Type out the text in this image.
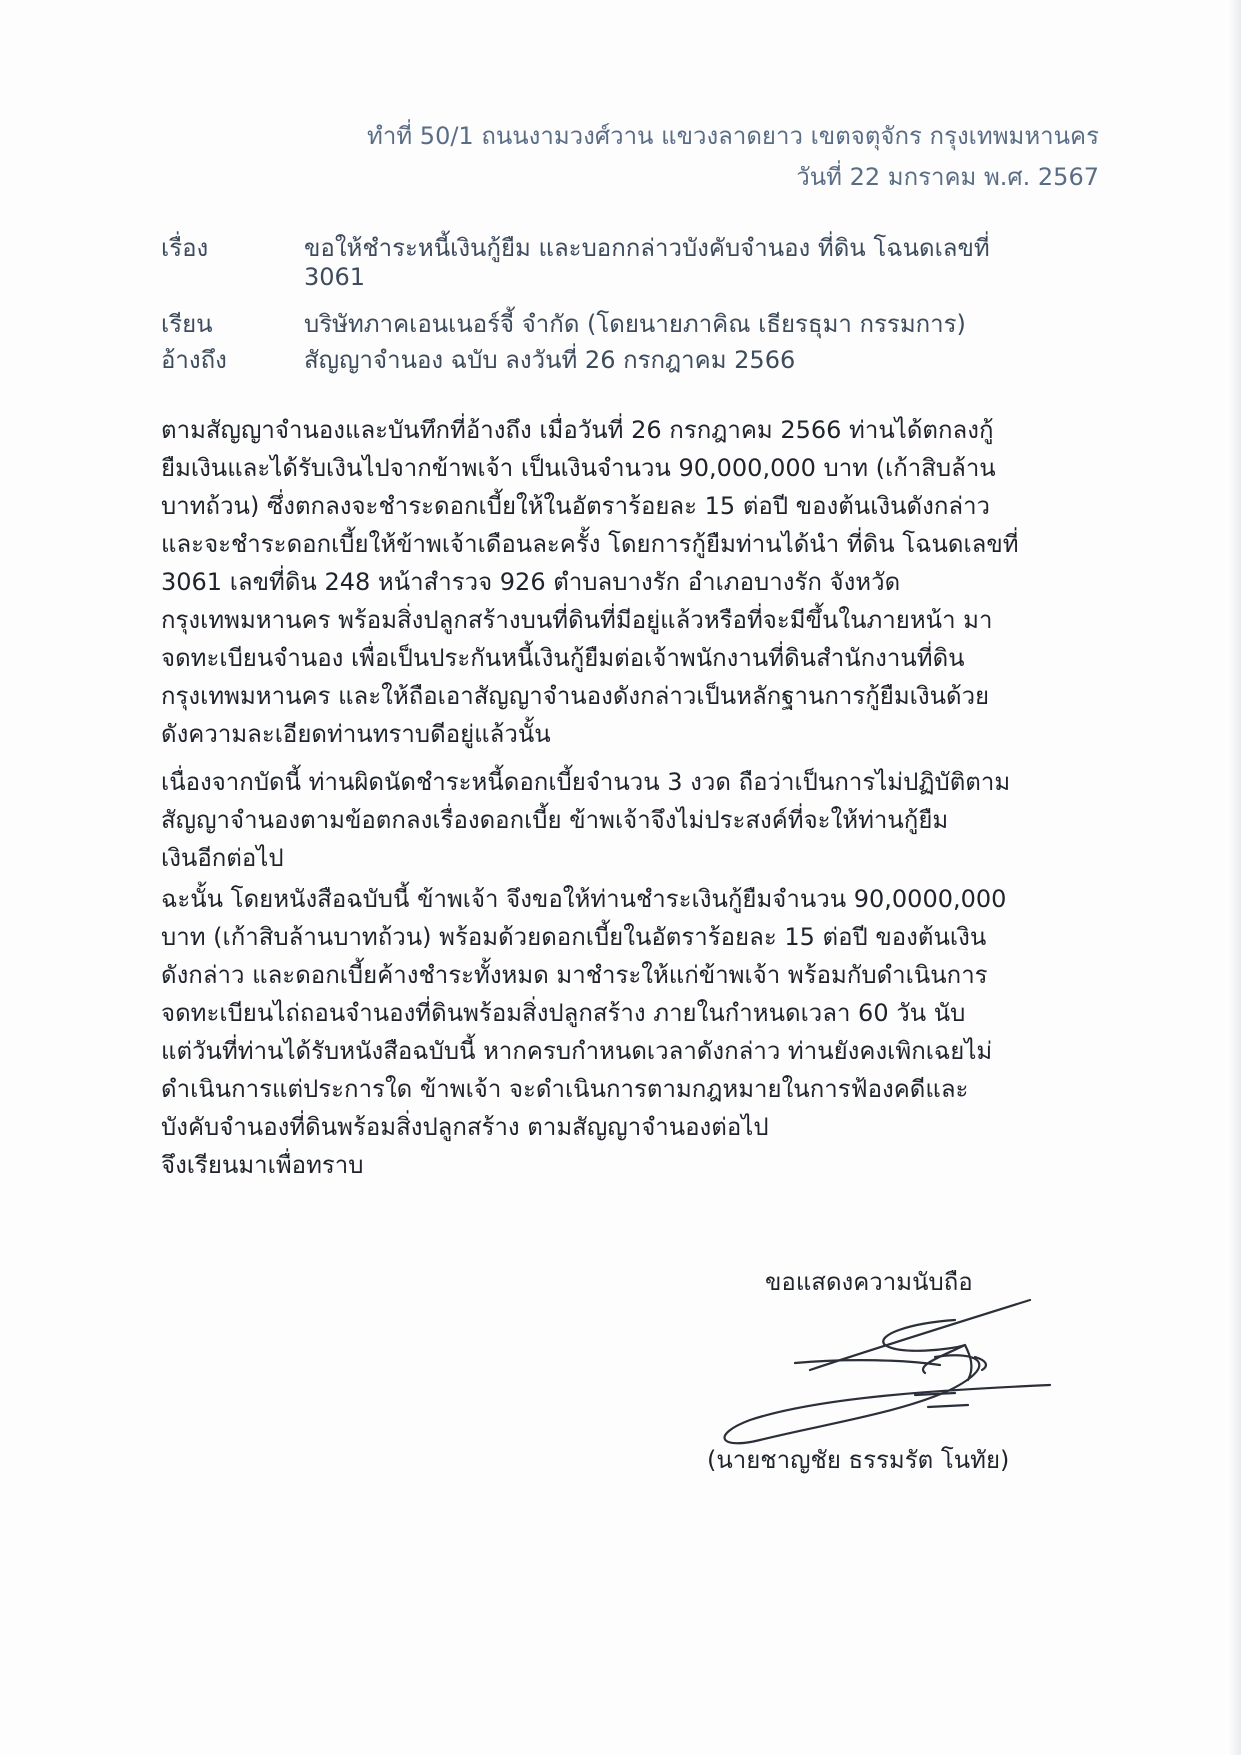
ทำที่ 50/1 ถนนงามวงศ์วาน แขวงลาดยาว เขตจตุจักร กรุงเทพมหานคร
วันที่ 22 มกราคม พ.ศ. 2567
เรื่อง	ขอให้ชำระหนี้เงินกู้ยืม และบอกกล่าวบังคับจำนอง ที่ดิน โฉนดเลขที่
3061
เรียน	บริษัทภาคเอนเนอร์จี้ จำกัด (โดยนายภาคิณ เธียรธุมา กรรมการ)
อ้างถึง	สัญญาจำนอง ฉบับ ลงวันที่ 26 กรกฎาคม 2566
ตามสัญญาจำนองและบันทึกที่อ้างถึง เมื่อวันที่ 26 กรกฎาคม 2566 ท่านได้ตกลงกู้
ยืมเงินและได้รับเงินไปจากข้าพเจ้า เป็นเงินจำนวน 90,000,000 บาท (เก้าสิบล้าน
บาทถ้วน) ซึ่งตกลงจะชำระดอกเบี้ยให้ในอัตราร้อยละ 15 ต่อปี ของต้นเงินดังกล่าว
และจะชำระดอกเบี้ยให้ข้าพเจ้าเดือนละครั้ง โดยการกู้ยืมท่านได้นำ ที่ดิน โฉนดเลขที่
3061 เลขที่ดิน 248 หน้าสำรวจ 926 ตำบลบางรัก อำเภอบางรัก จังหวัด
กรุงเทพมหานคร พร้อมสิ่งปลูกสร้างบนที่ดินที่มีอยู่แล้วหรือที่จะมีขึ้นในภายหน้า มา
จดทะเบียนจำนอง เพื่อเป็นประกันหนี้เงินกู้ยืมต่อเจ้าพนักงานที่ดินสำนักงานที่ดิน
กรุงเทพมหานคร และให้ถือเอาสัญญาจำนองดังกล่าวเป็นหลักฐานการกู้ยืมเงินด้วย
ดังความละเอียดท่านทราบดีอยู่แล้วนั้น
เนื่องจากบัดนี้ ท่านผิดนัดชำระหนี้ดอกเบี้ยจำนวน 3 งวด ถือว่าเป็นการไม่ปฏิบัติตาม
สัญญาจำนองตามข้อตกลงเรื่องดอกเบี้ย ข้าพเจ้าจึงไม่ประสงค์ที่จะให้ท่านกู้ยืม
เงินอีกต่อไป
ฉะนั้น โดยหนังสือฉบับนี้ ข้าพเจ้า จึงขอให้ท่านชำระเงินกู้ยืมจำนวน 90,0000,000
บาท (เก้าสิบล้านบาทถ้วน) พร้อมด้วยดอกเบี้ยในอัตราร้อยละ 15 ต่อปี ของต้นเงิน
ดังกล่าว และดอกเบี้ยค้างชำระทั้งหมด มาชำระให้แก่ข้าพเจ้า พร้อมกับดำเนินการ
จดทะเบียนไถ่ถอนจำนองที่ดินพร้อมสิ่งปลูกสร้าง ภายในกำหนดเวลา 60 วัน นับ
แต่วันที่ท่านได้รับหนังสือฉบับนี้ หากครบกำหนดเวลาดังกล่าว ท่านยังคงเพิกเฉยไม่
ดำเนินการแต่ประการใด ข้าพเจ้า จะดำเนินการตามกฎหมายในการฟ้องคดีและ
บังคับจำนองที่ดินพร้อมสิ่งปลูกสร้าง ตามสัญญาจำนองต่อไป
จึงเรียนมาเพื่อทราบ
ขอแสดงความนับถือ
(นายชาญชัย ธรรมรัต โนทัย)
